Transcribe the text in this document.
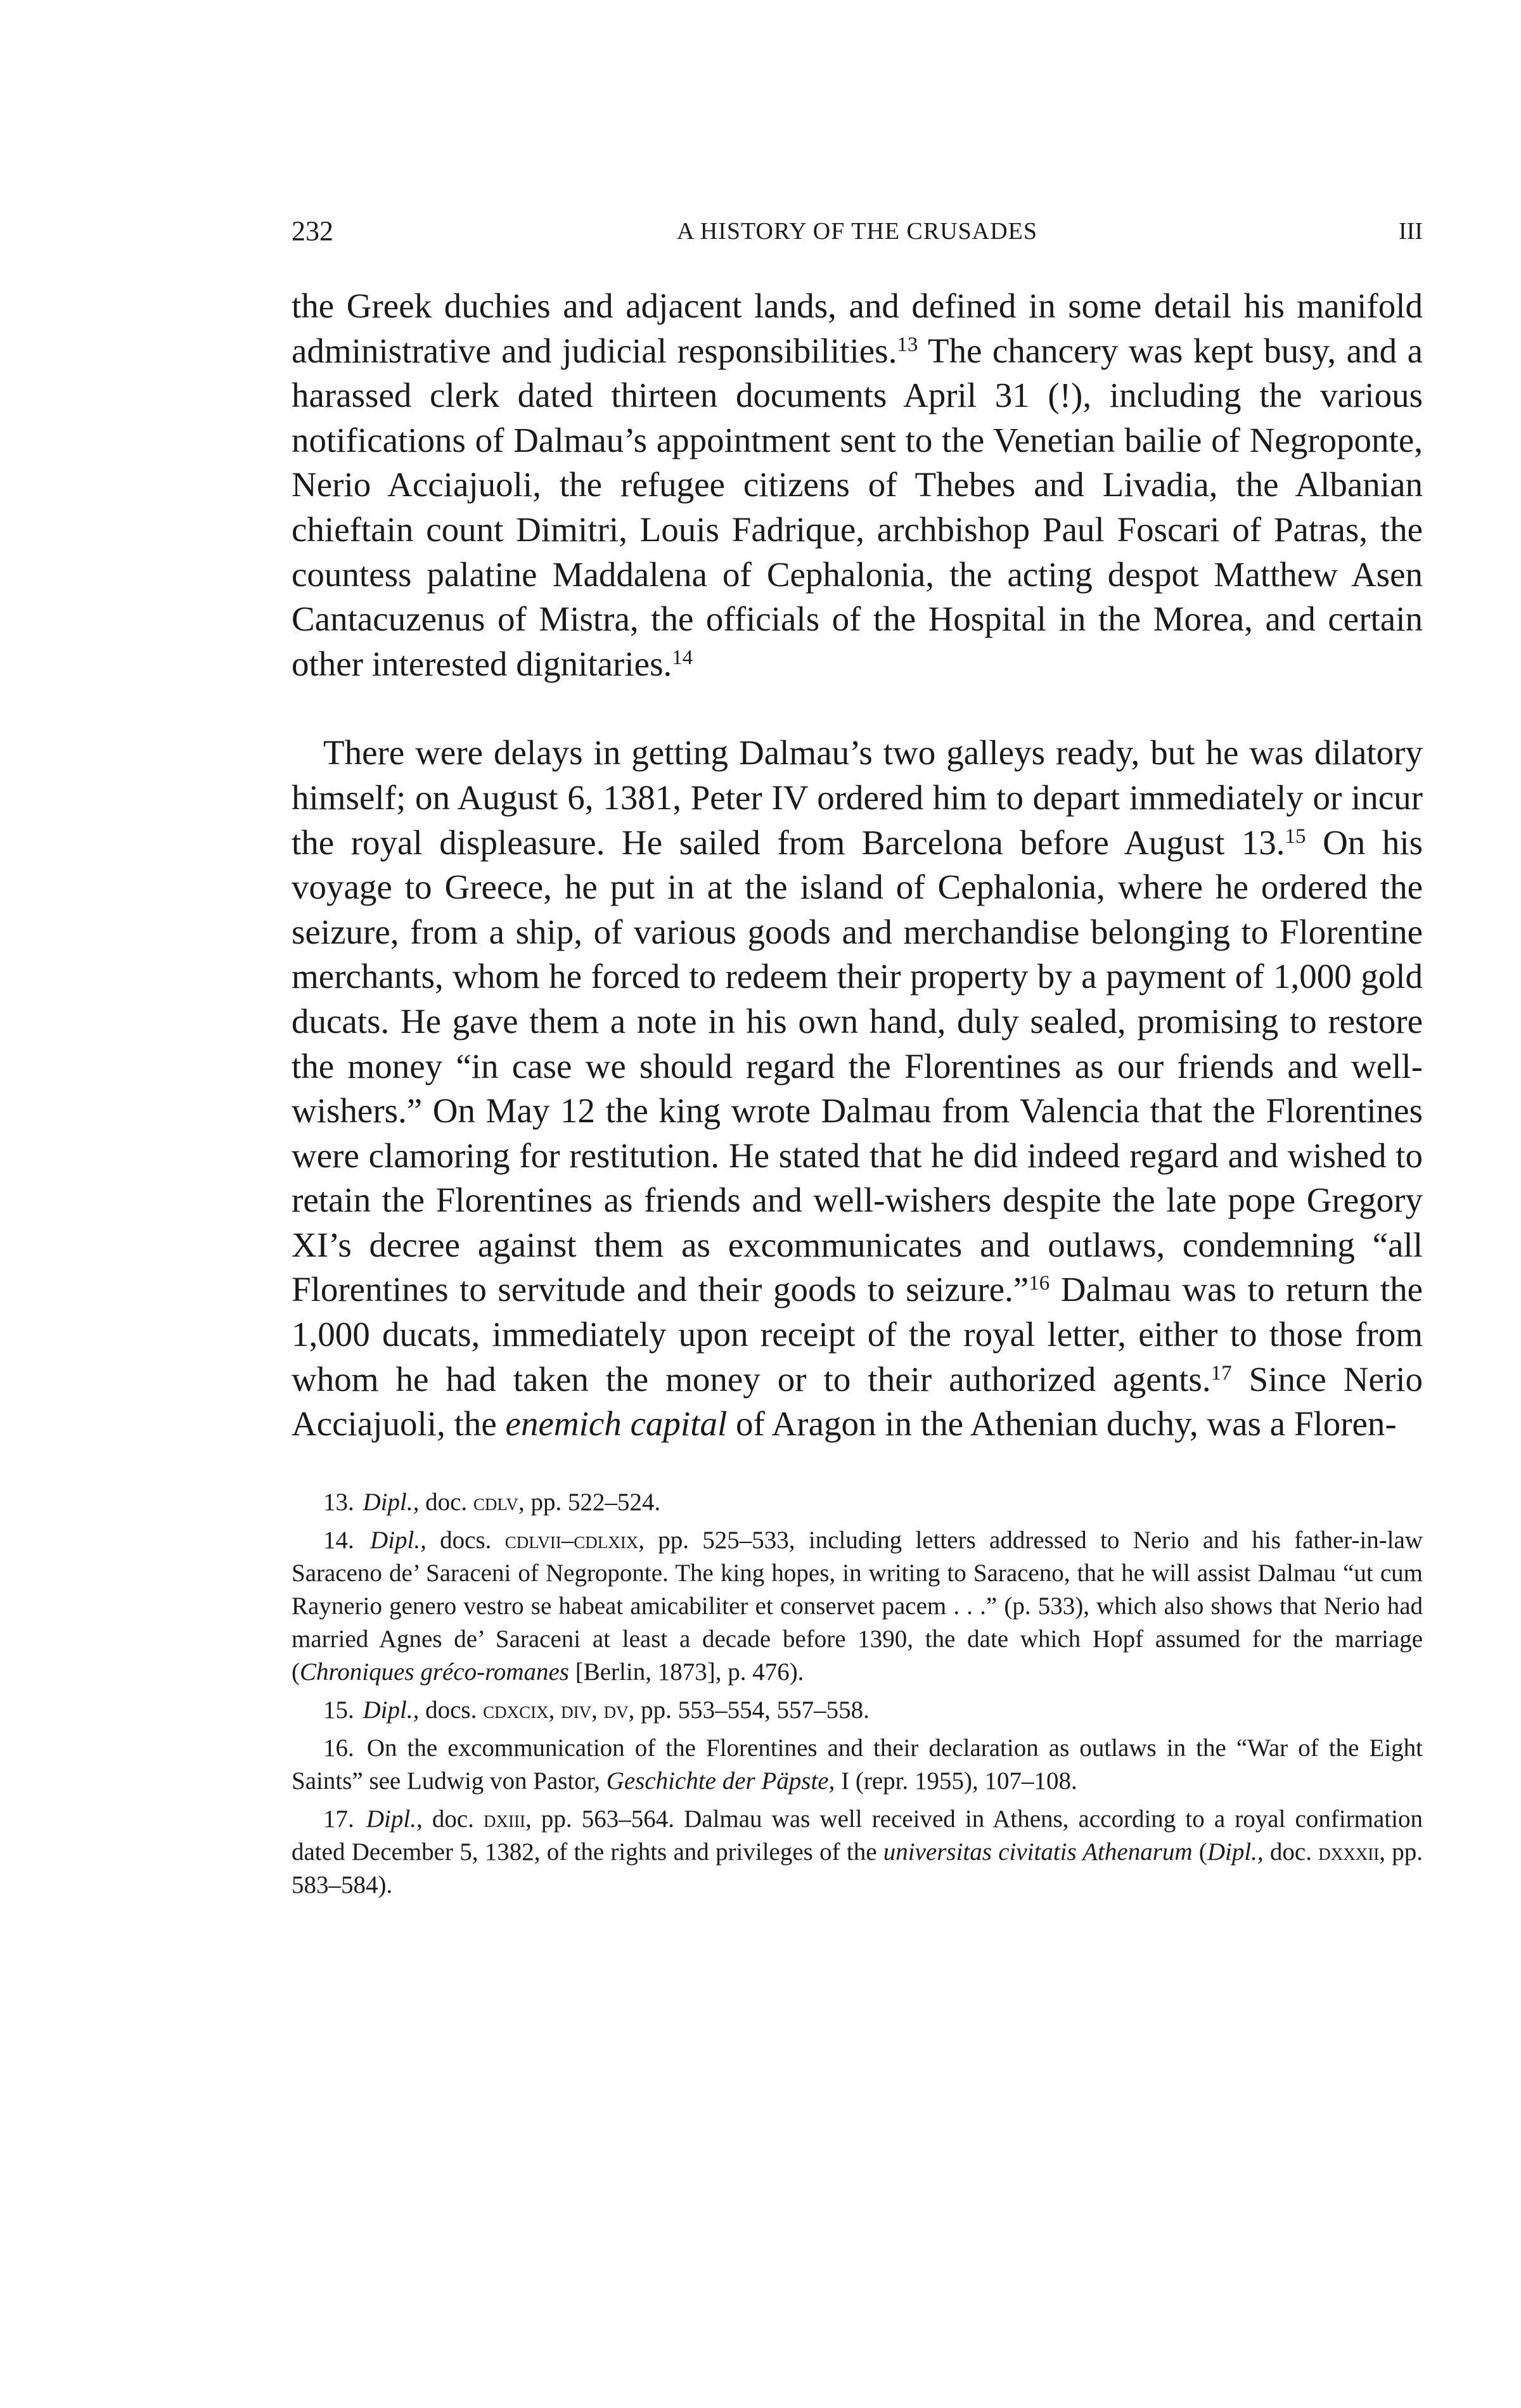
232	A HISTORY OF THE CRUSADES	III

the Greek duchies and adjacent lands, and defined in some detail his manifold administrative and judicial responsibilities.$^{13}$ The chancery was kept busy, and a harassed clerk dated thirteen documents April 31 (!), including the various notifications of Dalmau’s appointment sent to the Venetian bailie of Negroponte, Nerio Acciajuoli, the refugee citizens of Thebes and Livadia, the Albanian chieftain count Dimitri, Louis Fadrique, archbishop Paul Foscari of Patras, the countess palatine Maddalena of Cephalonia, the acting despot Matthew Asen Cantacuzenus of Mistra, the officials of the Hospital in the Morea, and certain other interested dignitaries.$^{14}$

There were delays in getting Dalmau’s two galleys ready, but he was dilatory himself; on August 6, 1381, Peter IV ordered him to depart immediately or incur the royal displeasure. He sailed from Barcelona before August 13.15 On his voyage to Greece, he put in at the island of Cephalonia, where he ordered the seizure, from a ship, of various goods and merchandise belonging to Florentine merchants, whom he forced to redeem their property by a payment of 1,000 gold ducats. He gave them a note in his own hand, duly sealed, promising to restore the money “in case we should regard the Florentines as our friends and well-wishers.” On May 12 the king wrote Dalmau from Valencia that the Florentines were clamoring for restitution. He stated that he did indeed regard and wished to retain the Florentines as friends and well-wishers despite the late pope Gregory XI’s decree against them as excommunicates and outlaws, condemning “all Florentines to servitude and their goods to seizure.”$^{16}$ Dalmau was to return the 1,000 ducats, immediately upon receipt of the royal letter, either to those from whom he had taken the money or to their authorized agents.$^{17}$ Since Nerio Acciajuoli, the enemich capital of Aragon in the Athenian duchy, was a Floren-

13. Dipl., doc. cdlv, pp. 522–524.

14. Dipl., docs. cdlvii–cdlxix, pp. 525–533, including letters addressed to Nerio and his father-in-law Saraceno de’ Saraceni of Negroponte. The king hopes, in writing to Saraceno, that he will assist Dalmau “ut cum Raynerio genero vestro se habeat amicabiliter et conservet pacem . . .” (p. 533), which also shows that Nerio had married Agnes de’ Saraceni at least a decade before 1390, the date which Hopf assumed for the marriage (Chroniques gréco-romanes [Berlin, 1873], p. 476).

15. Dipl., docs. cdxcix, div, dv, pp. 553–554, 557–558.

16. On the excommunication of the Florentines and their declaration as outlaws in the “War of the Eight Saints” see Ludwig von Pastor, Geschichte der Päpste, I (repr. 1955), 107–108.

17. Dipl., doc. dxiii, pp. 563–564. Dalmau was well received in Athens, according to a royal confirmation dated December 5, 1382, of the rights and privileges of the universitas civitatis Athenarum (Dipl., doc. dxxxii, pp. 583–584).
